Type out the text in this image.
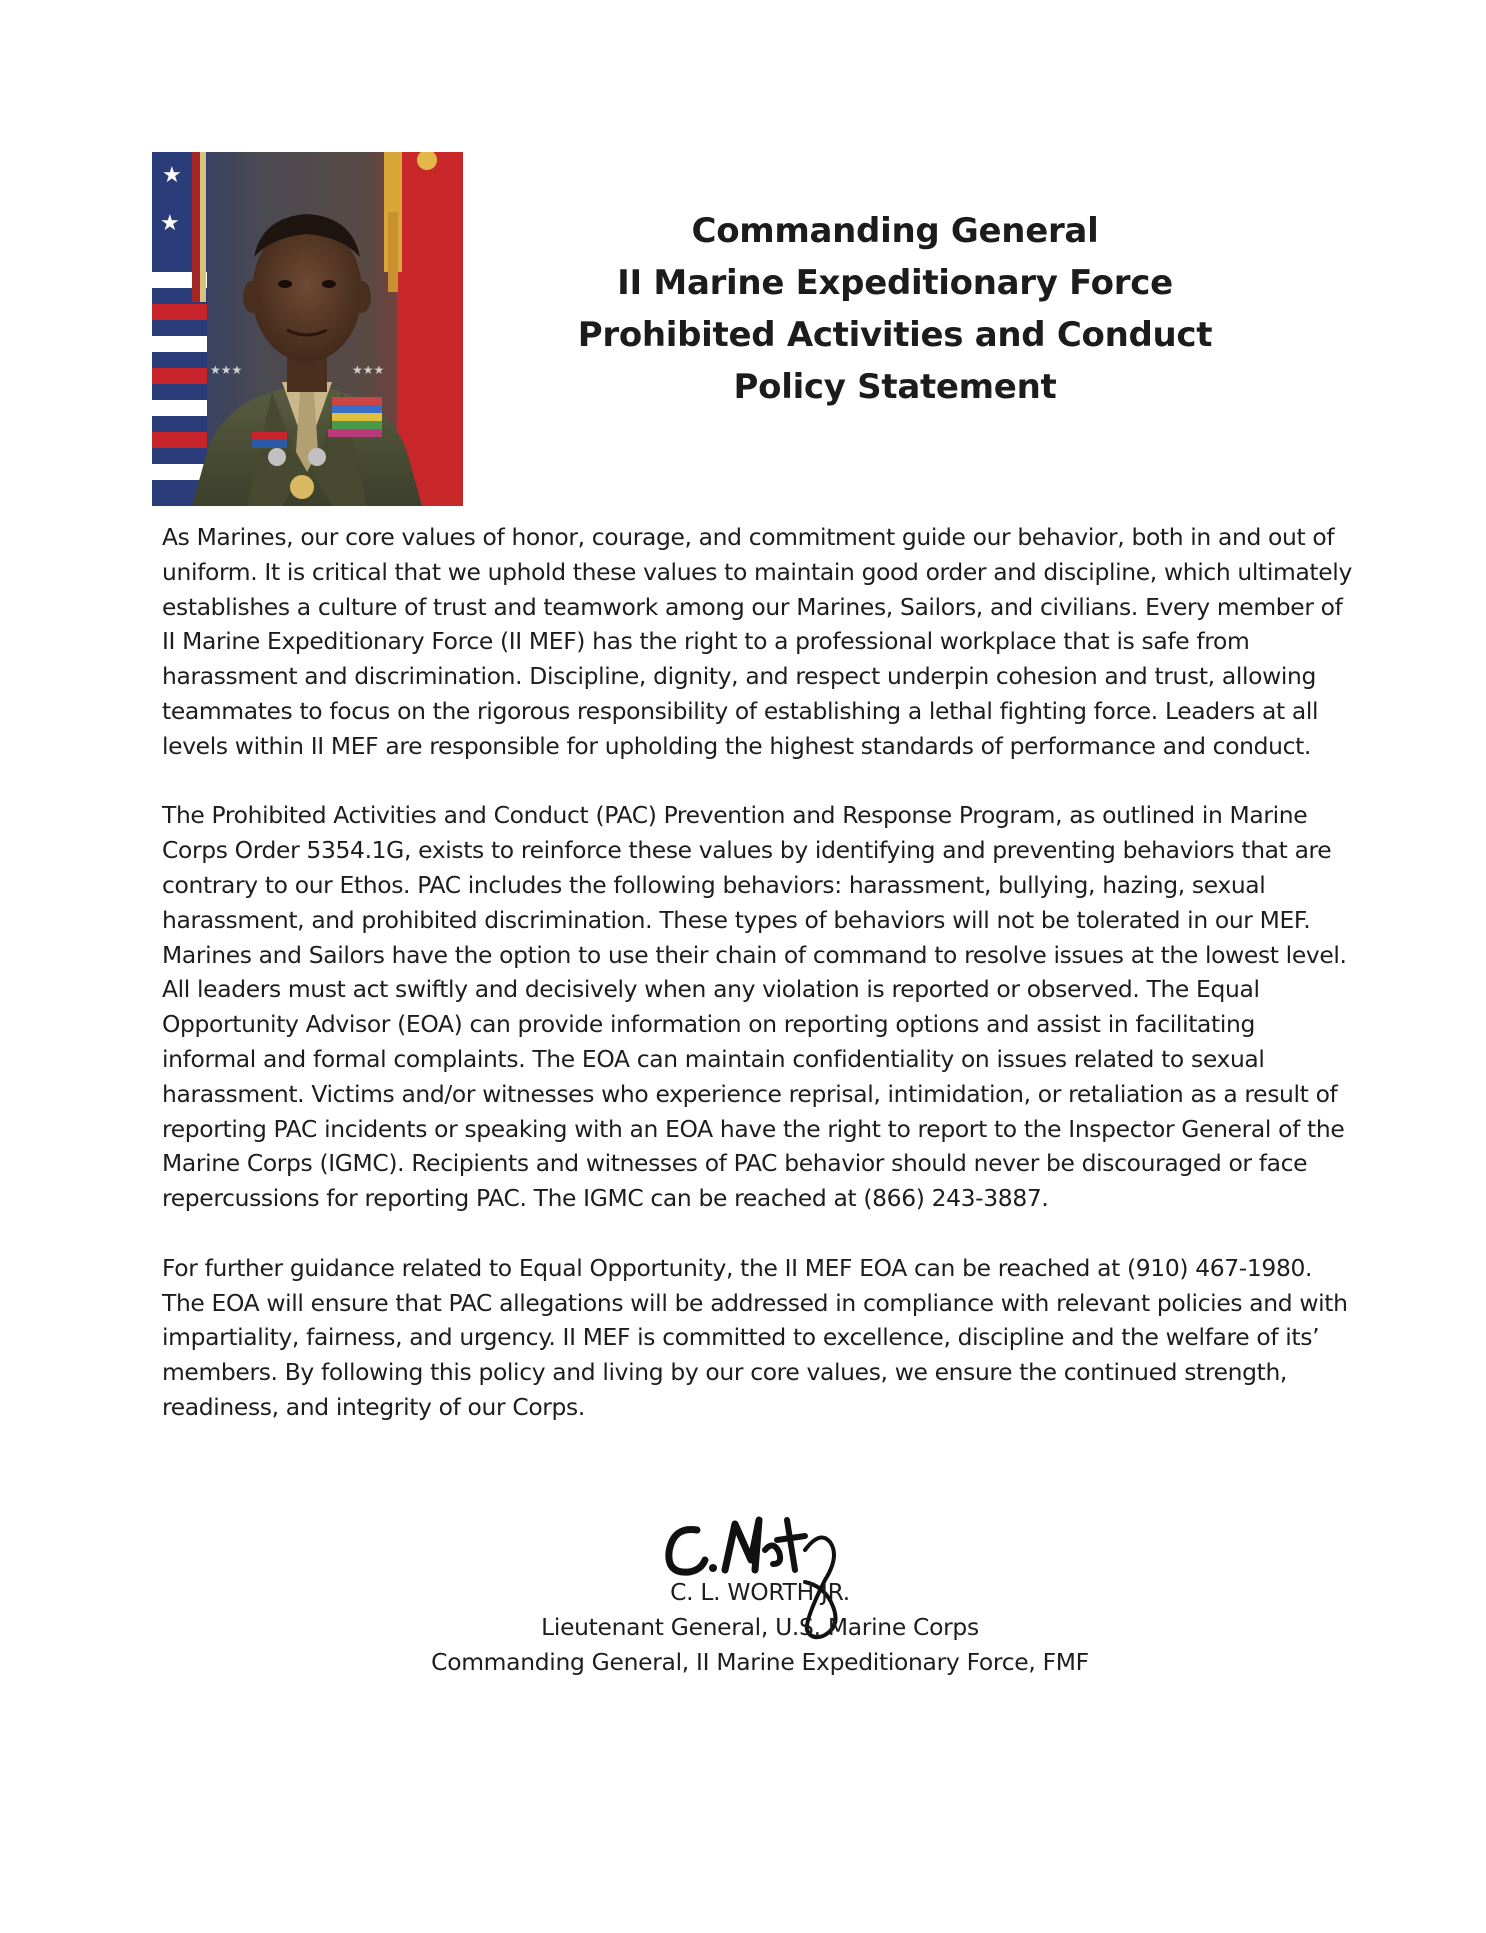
★
★
★★★	★★★
Commanding General
II Marine Expeditionary Force
Prohibited Activities and Conduct
Policy Statement

As Marines, our core values of honor, courage, and commitment guide our behavior, both in and out of uniform. It is critical that we uphold these values to maintain good order and discipline, which ultimately establishes a culture of trust and teamwork among our Marines, Sailors, and civilians. Every member of II Marine Expeditionary Force (II MEF) has the right to a professional workplace that is safe from harassment and discrimination. Discipline, dignity, and respect underpin cohesion and trust, allowing teammates to focus on the rigorous responsibility of establishing a lethal fighting force. Leaders at all levels within II MEF are responsible for upholding the highest standards of performance and conduct.

The Prohibited Activities and Conduct (PAC) Prevention and Response Program, as outlined in Marine Corps Order 5354.1G, exists to reinforce these values by identifying and preventing behaviors that are contrary to our Ethos. PAC includes the following behaviors: harassment, bullying, hazing, sexual harassment, and prohibited discrimination. These types of behaviors will not be tolerated in our MEF. Marines and Sailors have the option to use their chain of command to resolve issues at the lowest level. All leaders must act swiftly and decisively when any violation is reported or observed. The Equal Opportunity Advisor (EOA) can provide information on reporting options and assist in facilitating informal and formal complaints. The EOA can maintain confidentiality on issues related to sexual harassment. Victims and/or witnesses who experience reprisal, intimidation, or retaliation as a result of reporting PAC incidents or speaking with an EOA have the right to report to the Inspector General of the Marine Corps (IGMC). Recipients and witnesses of PAC behavior should never be discouraged or face repercussions for reporting PAC. The IGMC can be reached at (866) 243-3887.

For further guidance related to Equal Opportunity, the II MEF EOA can be reached at (910) 467-1980. The EOA will ensure that PAC allegations will be addressed in compliance with relevant policies and with impartiality, fairness, and urgency. II MEF is committed to excellence, discipline and the welfare of its’ members. By following this policy and living by our core values, we ensure the continued strength, readiness, and integrity of our Corps.

C. L. WORTH JR.
Lieutenant General, U.S. Marine Corps
Commanding General, II Marine Expeditionary Force, FMF
